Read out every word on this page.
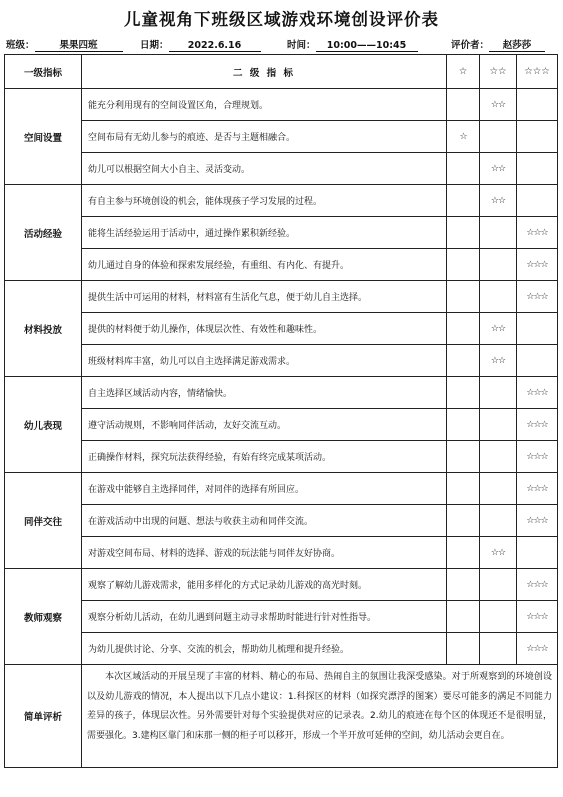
儿童视角下班级区域游戏环境创设评价表
班级：	果果四班	日期： 2022.6.16	时间： 10:00——10:45	评价者： 赵莎莎
一级指标	二 级 指 标	☆	☆☆	☆☆☆
空间设置	能充分利用现有的空间设置区角，合理规划。		☆☆	
	空间布局有无幼儿参与的痕迹、是否与主题相融合。	☆		
	幼儿可以根据空间大小自主、灵活变动。		☆☆	
活动经验	有自主参与环境创设的机会，能体现孩子学习发展的过程。		☆☆	
	能将生活经验运用于活动中，通过操作累积新经验。			☆☆☆
	幼儿通过自身的体验和探索发展经验，有重组、有内化、有提升。			☆☆☆
材料投放	提供生活中可运用的材料，材料富有生活化气息，便于幼儿自主选择。			☆☆☆
	提供的材料便于幼儿操作，体现层次性、有效性和趣味性。		☆☆	
	班级材料库丰富，幼儿可以自主选择满足游戏需求。		☆☆	
幼儿表现	自主选择区域活动内容，情绪愉快。			☆☆☆
	遵守活动规则，不影响同伴活动，友好交流互动。			☆☆☆
	正确操作材料，探究玩法获得经验，有始有终完成某项活动。			☆☆☆
同伴交往	在游戏中能够自主选择同伴，对同伴的选择有所回应。			☆☆☆
	在游戏活动中出现的问题、想法与收获主动和同伴交流。			☆☆☆
	对游戏空间布局、材料的选择、游戏的玩法能与同伴友好协商。		☆☆	
教师观察	观察了解幼儿游戏需求，能用多样化的方式记录幼儿游戏的高光时刻。			☆☆☆
	观察分析幼儿活动，在幼儿遇到问题主动寻求帮助时能进行针对性指导。			☆☆☆
	为幼儿提供讨论、分享、交流的机会，帮助幼儿梳理和提升经验。			☆☆☆
简单评析	本次区域活动的开展呈现了丰富的材料、精心的布局、热闹自主的氛围让我深受感染。对于所观察到的环境创设以及幼儿游戏的情况，本人提出以下几点小建议：1.科探区的材料（如探究漂浮的图案）要尽可能多的满足不同能力差异的孩子，体现层次性。另外需要针对每个实验提供对应的记录表。2.幼儿的痕迹在每个区的体现还不是很明显，需要强化。3.建构区靠门和床那一侧的柜子可以移开，形成一个半开放可延伸的空间，幼儿活动会更自在。			
